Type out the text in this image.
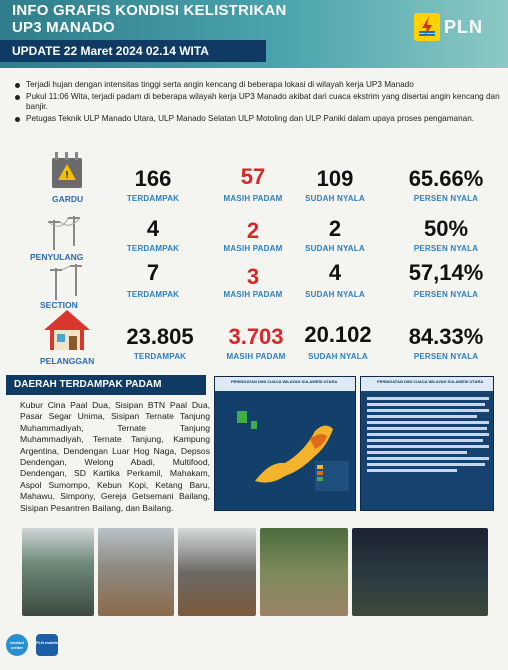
INFO GRAFIS KONDISI KELISTRIKAN
UP3 MANADO	PLN
UPDATE 22 Maret 2024 02.14 WITA
Terjadi hujan dengan intensitas tinggi serta angin kencang di beberapa lokasi di wilayah kerja UP3 Manado
Pukul 11:06 Wita, terjadi padam di beberapa wilayah kerja UP3 Manado akibat dari cuaca ekstrim yang disertai angin kencang dan banjir.
Petugas Teknik ULP Manado Utara, ULP Manado Selatan ULP Motoling dan ULP Paniki dalam upaya proses pengamanan.
!
GARDU
166
TERDAMPAK
57
MASIH PADAM
109
SUDAH NYALA
65.66%
PERSEN NYALA
PENYULANG
4
TERDAMPAK
2
MASIH PADAM
2
SUDAH NYALA
50%
PERSEN NYALA
SECTION
7
TERDAMPAK
3
MASIH PADAM
4
SUDAH NYALA
57,14%
PERSEN NYALA
PELANGGAN
23.805
TERDAMPAK
3.703
MASIH PADAM
20.102
SUDAH NYALA
84.33%
PERSEN NYALA
DAERAH TERDAMPAK PADAM
Kubur Cina Paal Dua, Sisipan BTN Paal Dua, Pasar Segar Unima, Sisipan Ternate Tanjung Muhammadiyah, Ternate Tanjung Muhammadiyah, Ternate Tanjung, Kampung Argentina, Dendengan Luar Hog Naga, Depsos Dendengan, Welong Abadi, Multifood, Dendengan, SD Kartika Perkamil, Mahakam, Aspol Sumompo, Kebun Kopi, Ketang Baru, Mahawu, Simpony, Gereja Getsemani Bailang, Sisipan Pesantren Bailang, dan Bailang.
PERINGATAN DINI CUACA WILAYAH SULAWESI UTARA	PERINGATAN DINI CUACA WILAYAH SULAWESI UTARA
contact center
PLN mobile
